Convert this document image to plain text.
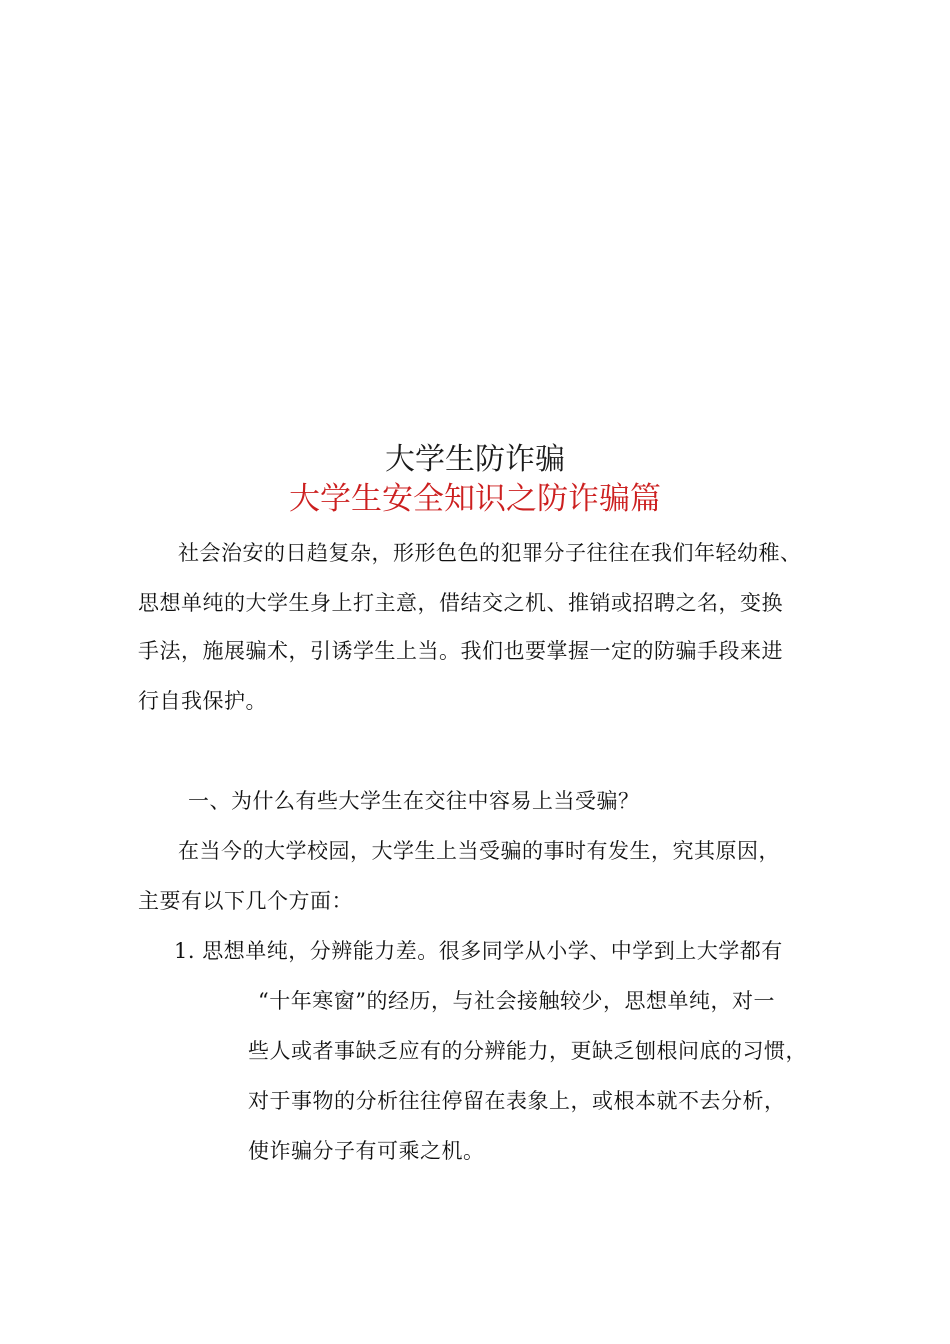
大学生防诈骗
大学生安全知识之防诈骗篇
社会治安的日趋复杂，形形色色的犯罪分子往往在我们年轻幼稚、
思想单纯的大学生身上打主意，借结交之机、推销或招聘之名，变换
手法，施展骗术，引诱学生上当。我们也要掌握一定的防骗手段来进
行自我保护。
一、为什么有些大学生在交往中容易上当受骗？
在当今的大学校园，大学生上当受骗的事时有发生，究其原因，
主要有以下几个方面：
1. 思想单纯，分辨能力差。很多同学从小学、中学到上大学都有
“十年寒窗”的经历，与社会接触较少，思想单纯，对一
些人或者事缺乏应有的分辨能力，更缺乏刨根问底的习惯，
对于事物的分析往往停留在表象上，或根本就不去分析，
使诈骗分子有可乘之机。
